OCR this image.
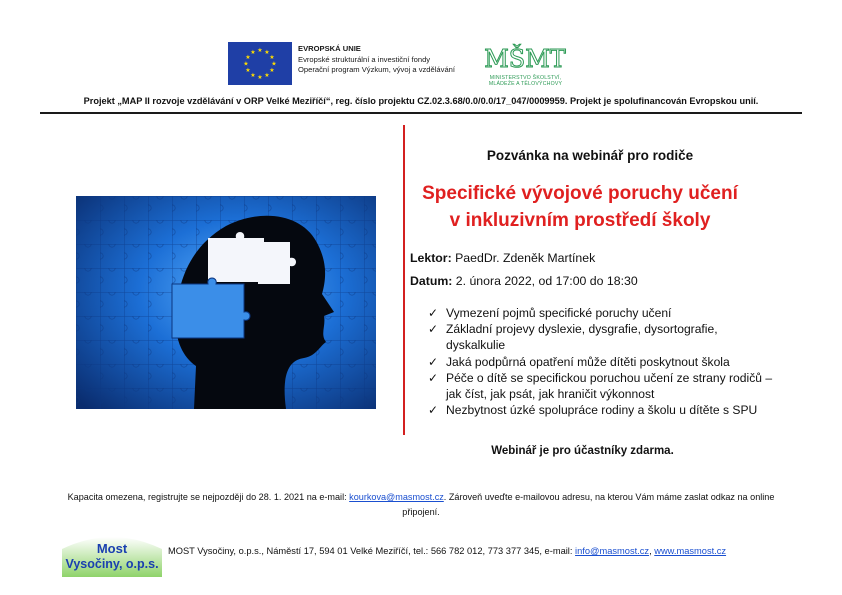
★ ★
★
★
★
★
★
★
★
★
★
★	EVROPSKÁ UNIE
Evropské strukturální a investiční fondy
Operační program Výzkum, vývoj a vzdělávání MŠMT
MINISTERSTVO ŠKOLSTVÍ,
MLÁDEŽE A TĚLOVÝCHOVY
Projekt „MAP II rozvoje vzdělávání v ORP Velké Meziříčí“, reg. číslo projektu CZ.02.3.68/0.0/0.0/17_047/0009959. Projekt je spolufinancován Evropskou unií.
Pozvánka na webinář pro rodiče
Specifické vývojové poruchy učení
v inkluzivním prostředí školy
Lektor: PaedDr. Zdeněk Martínek
Datum: 2. února 2022, od 17:00 do 18:30
✓ Vymezení pojmů specifické poruchy učení
✓ Základní projevy dyslexie, dysgrafie, dysortografie, dyskalkulie
✓ Jaká podpůrná opatření může dítěti poskytnout škola
✓ Péče o dítě se specifickou poruchou učení ze strany rodičů – jak číst, jak psát, jak hraničit výkonnost
✓ Nezbytnost úzké spolupráce rodiny a školu u dítěte s SPU
Webinář je pro účastníky zdarma.
Kapacita omezena, registrujte se nejpozději do 28. 1. 2021 na e-mail: kourkova@masmost.cz. Zároveň uveďte e-mailovou adresu, na kterou Vám máme zaslat odkaz na online připojení.
Most
Vysočiny, o.p.s.
MOST Vysočiny, o.p.s., Náměstí 17, 594 01 Velké Meziříčí, tel.: 566 782 012, 773 377 345, e-mail: info@masmost.cz, www.masmost.cz
